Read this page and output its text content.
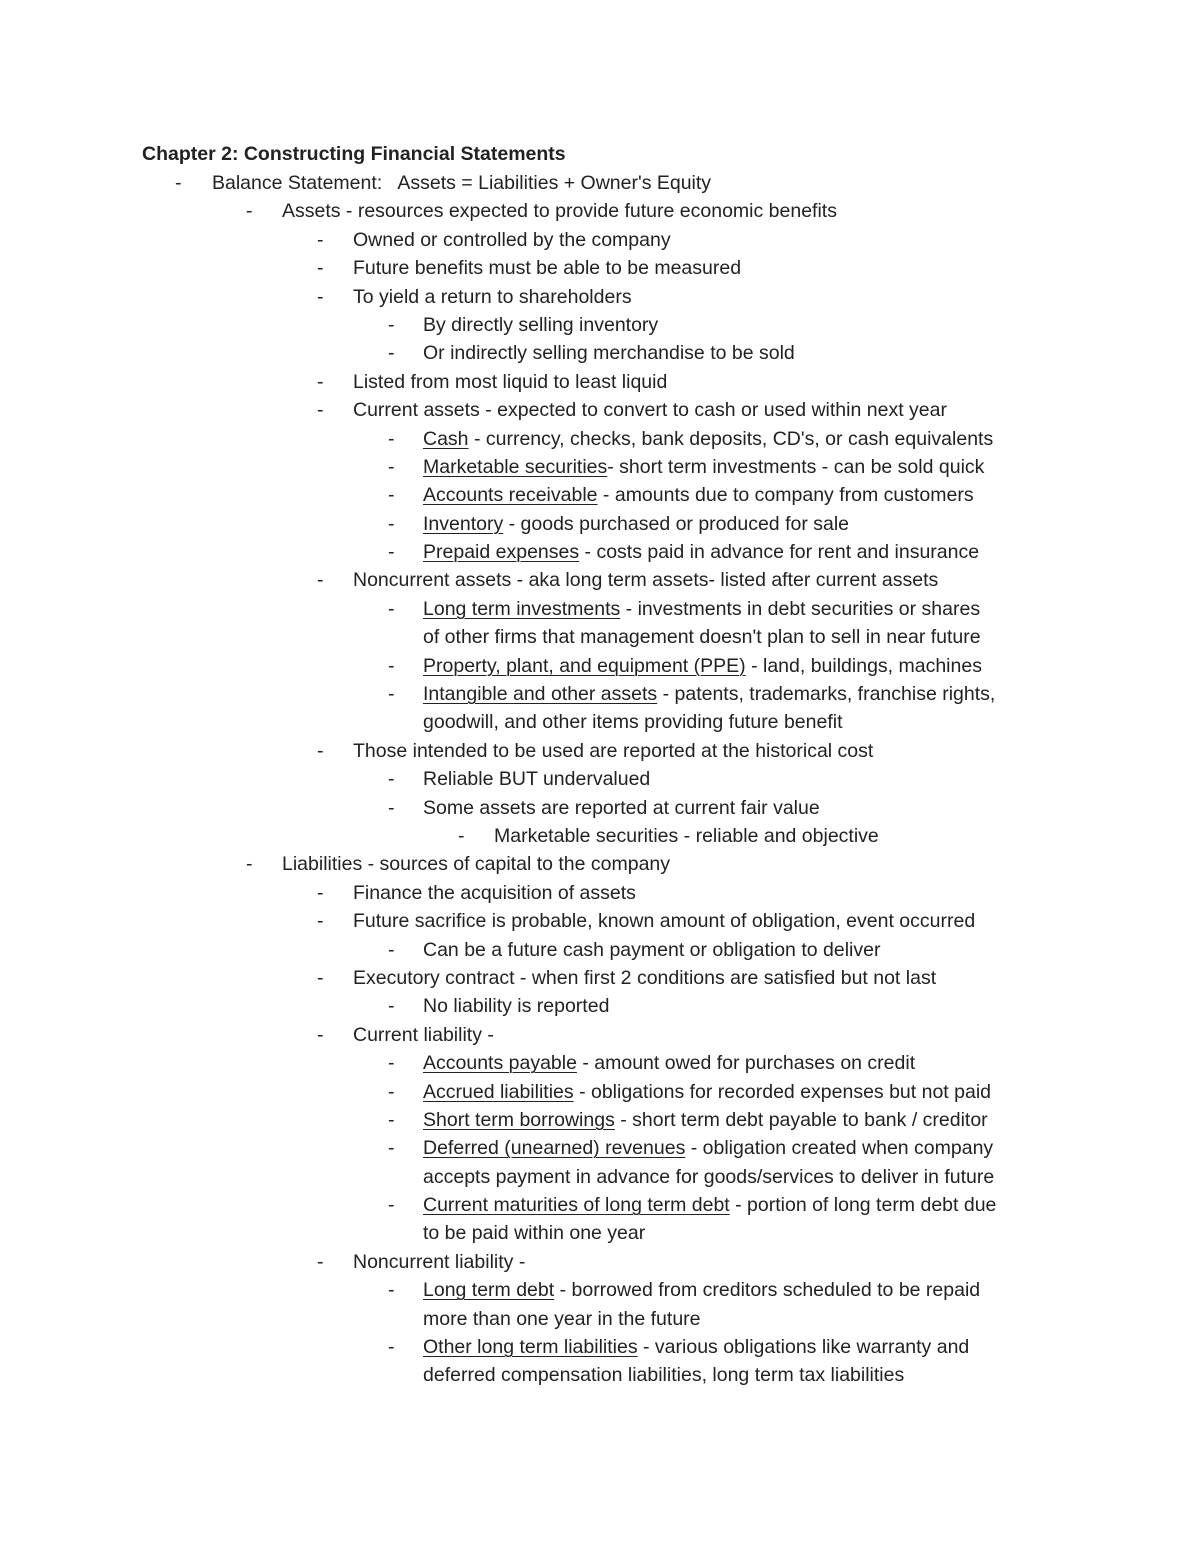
Chapter 2: Constructing Financial Statements
- Balance Statement:   Assets = Liabilities + Owner's Equity
- Assets - resources expected to provide future economic benefits
- Owned or controlled by the company
- Future benefits must be able to be measured
- To yield a return to shareholders
- By directly selling inventory
- Or indirectly selling merchandise to be sold
- Listed from most liquid to least liquid
- Current assets - expected to convert to cash or used within next year
- Cash - currency, checks, bank deposits, CD's, or cash equivalents
- Marketable securities- short term investments - can be sold quick
- Accounts receivable - amounts due to company from customers
- Inventory - goods purchased or produced for sale
- Prepaid expenses - costs paid in advance for rent and insurance
- Noncurrent assets - aka long term assets- listed after current assets
- Long term investments - investments in debt securities or shares
of other firms that management doesn't plan to sell in near future
- Property, plant, and equipment (PPE) - land, buildings, machines
- Intangible and other assets - patents, trademarks, franchise rights,
goodwill, and other items providing future benefit
- Those intended to be used are reported at the historical cost
- Reliable BUT undervalued
- Some assets are reported at current fair value
- Marketable securities - reliable and objective
- Liabilities - sources of capital to the company
- Finance the acquisition of assets
- Future sacrifice is probable, known amount of obligation, event occurred
- Can be a future cash payment or obligation to deliver
- Executory contract - when first 2 conditions are satisfied but not last
- No liability is reported
- Current liability -
- Accounts payable - amount owed for purchases on credit
- Accrued liabilities - obligations for recorded expenses but not paid
- Short term borrowings - short term debt payable to bank / creditor
- Deferred (unearned) revenues - obligation created when company
accepts payment in advance for goods/services to deliver in future
- Current maturities of long term debt - portion of long term debt due
to be paid within one year
- Noncurrent liability -
- Long term debt - borrowed from creditors scheduled to be repaid
more than one year in the future
- Other long term liabilities - various obligations like warranty and
deferred compensation liabilities, long term tax liabilities
